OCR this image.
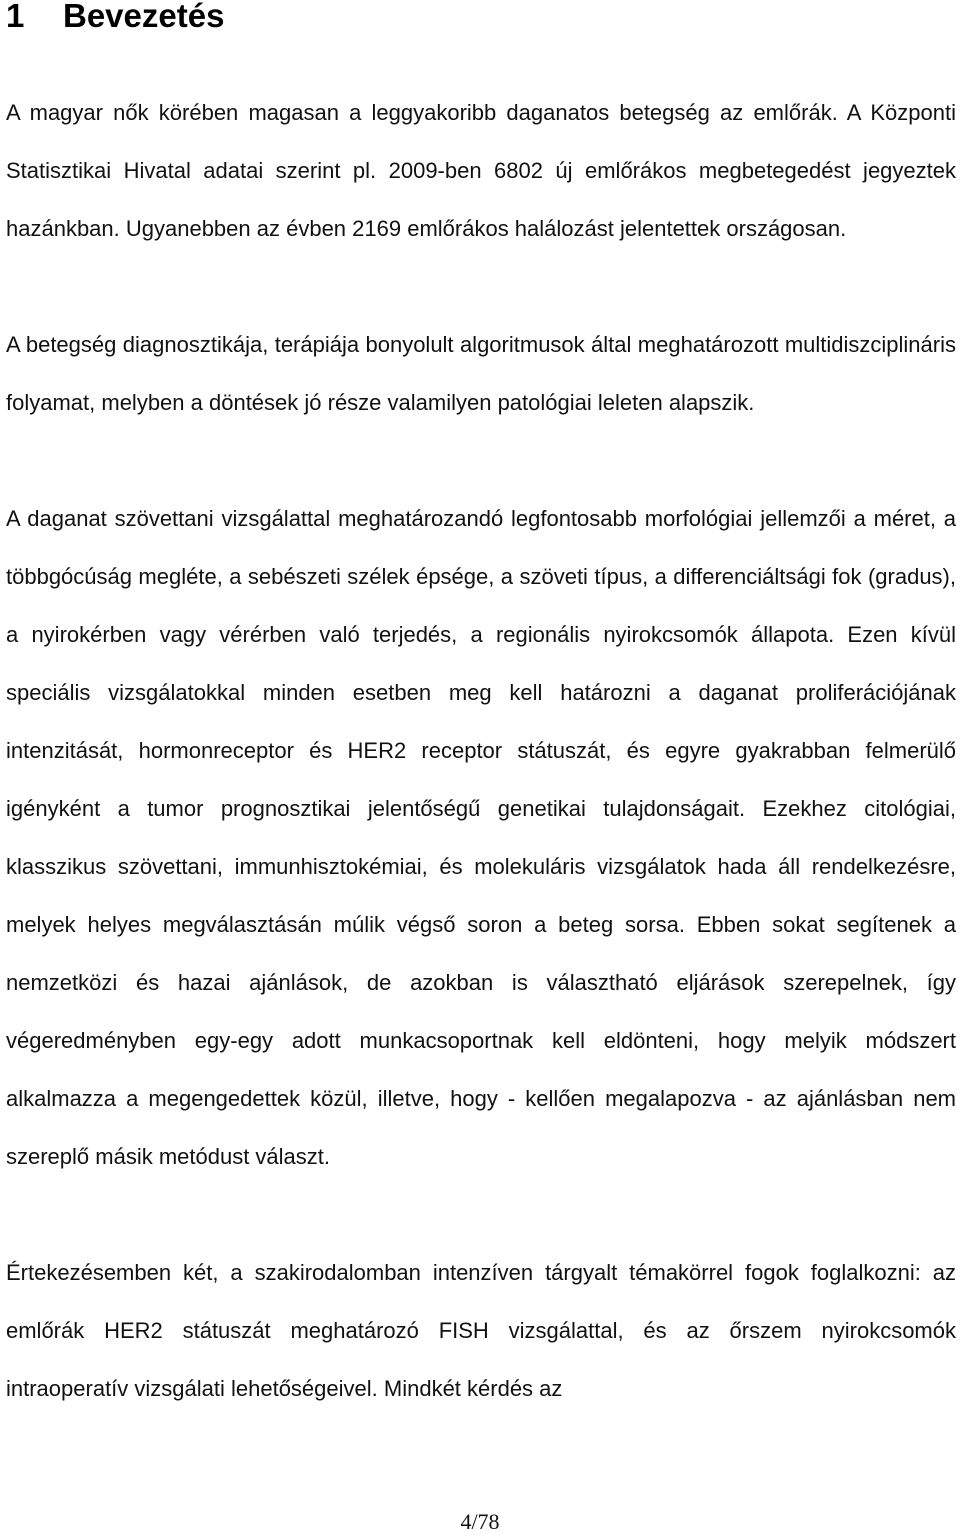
1 Bevezetés

A magyar nők körében magasan a leggyakoribb daganatos betegség az emlőrák. A Központi Statisztikai Hivatal adatai szerint pl. 2009-ben 6802 új emlőrákos megbetegedést jegyeztek hazánkban. Ugyanebben az évben 2169 emlőrákos halálozást jelentettek országosan.

A betegség diagnosztikája, terápiája bonyolult algoritmusok által meghatározott multidiszciplináris folyamat, melyben a döntések jó része valamilyen patológiai leleten alapszik.

A daganat szövettani vizsgálattal meghatározandó legfontosabb morfológiai jellemzői a méret, a többgócúság megléte, a sebészeti szélek épsége, a szöveti típus, a differenciáltsági fok (gradus), a nyirokérben vagy vérérben való terjedés, a regionális nyirokcsomók állapota. Ezen kívül speciális vizsgálatokkal minden esetben meg kell határozni a daganat proliferációjának intenzitását, hormonreceptor és HER2 receptor státuszát, és egyre gyakrabban felmerülő igényként a tumor prognosztikai jelentőségű genetikai tulajdonságait. Ezekhez citológiai, klasszikus szövettani, immunhisztokémiai, és molekuláris vizsgálatok hada áll rendelkezésre, melyek helyes megválasztásán múlik végső soron a beteg sorsa. Ebben sokat segítenek a nemzetközi és hazai ajánlások, de azokban is választható eljárások szerepelnek, így végeredményben egy-egy adott munkacsoportnak kell eldönteni, hogy melyik módszert alkalmazza a megengedettek közül, illetve, hogy - kellően megalapozva - az ajánlásban nem szereplő másik metódust választ.

Értekezésemben két, a szakirodalomban intenzíven tárgyalt témakörrel fogok foglalkozni: az emlőrák HER2 státuszát meghatározó FISH vizsgálattal, és az őrszem nyirokcsomók intraoperatív vizsgálati lehetőségeivel. Mindkét kérdés az

4/78
